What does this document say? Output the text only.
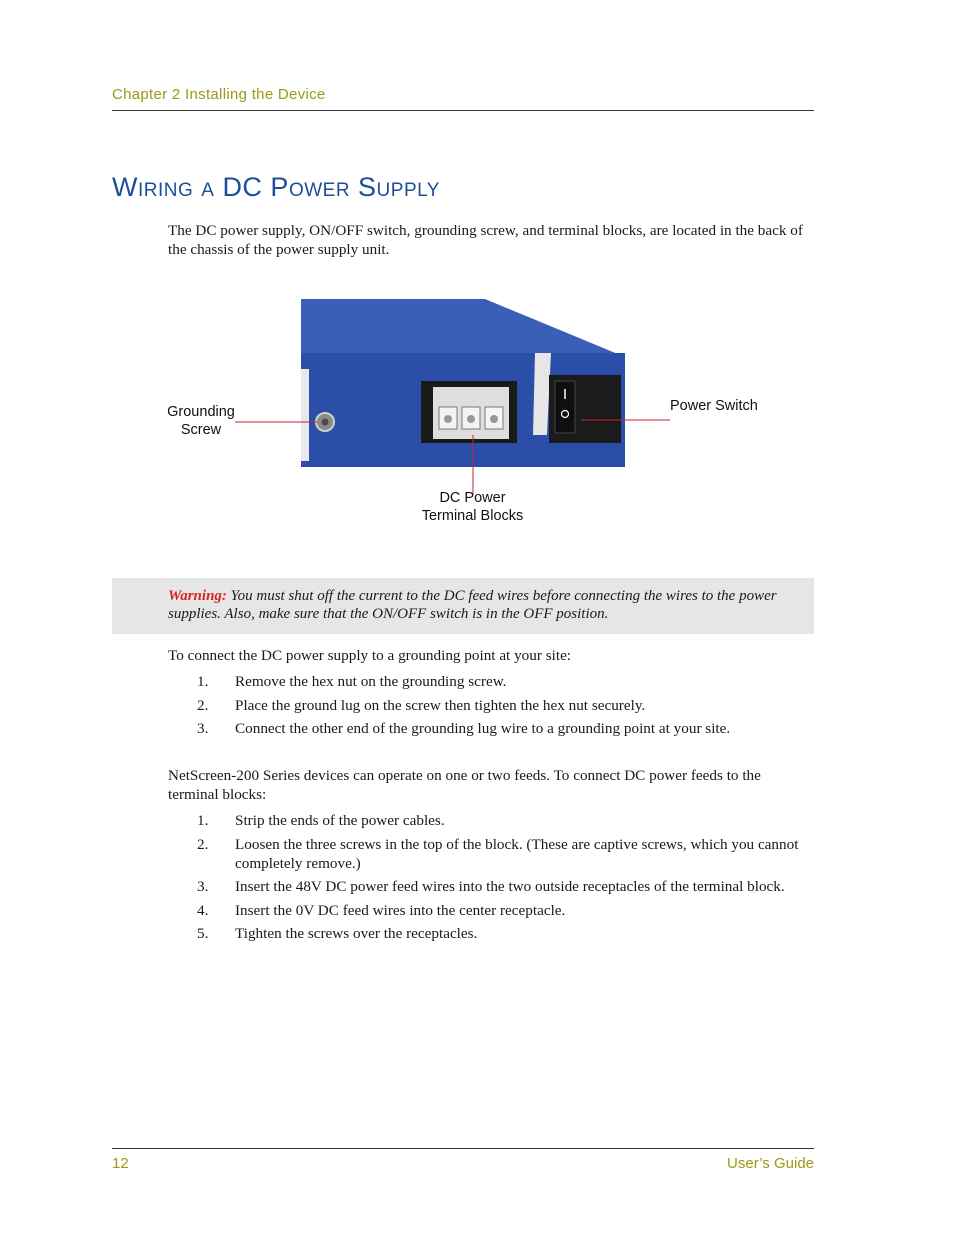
Chapter 2 Installing the Device
Wiring a DC Power Supply

The DC power supply, ON/OFF switch, grounding screw, and terminal blocks, are located in the back of the chassis of the power supply unit.

Grounding
Screw
Power Switch
DC Power
Terminal Blocks

Warning: You must shut off the current to the DC feed wires before connecting the wires to the power supplies. Also, make sure that the ON/OFF switch is in the OFF position.

To connect the DC power supply to a grounding point at your site:

1. Remove the hex nut on the grounding screw.
2. Place the ground lug on the screw then tighten the hex nut securely.
3. Connect the other end of the grounding lug wire to a grounding point at your site.

NetScreen-200 Series devices can operate on one or two feeds. To connect DC power feeds to the terminal blocks:

1. Strip the ends of the power cables.
2. Loosen the three screws in the top of the block. (These are captive screws, which you cannot completely remove.)
3. Insert the 48V DC power feed wires into the two outside receptacles of the terminal block.
4. Insert the 0V DC feed wires into the center receptacle.
5. Tighten the screws over the receptacles.
12	User’s Guide
